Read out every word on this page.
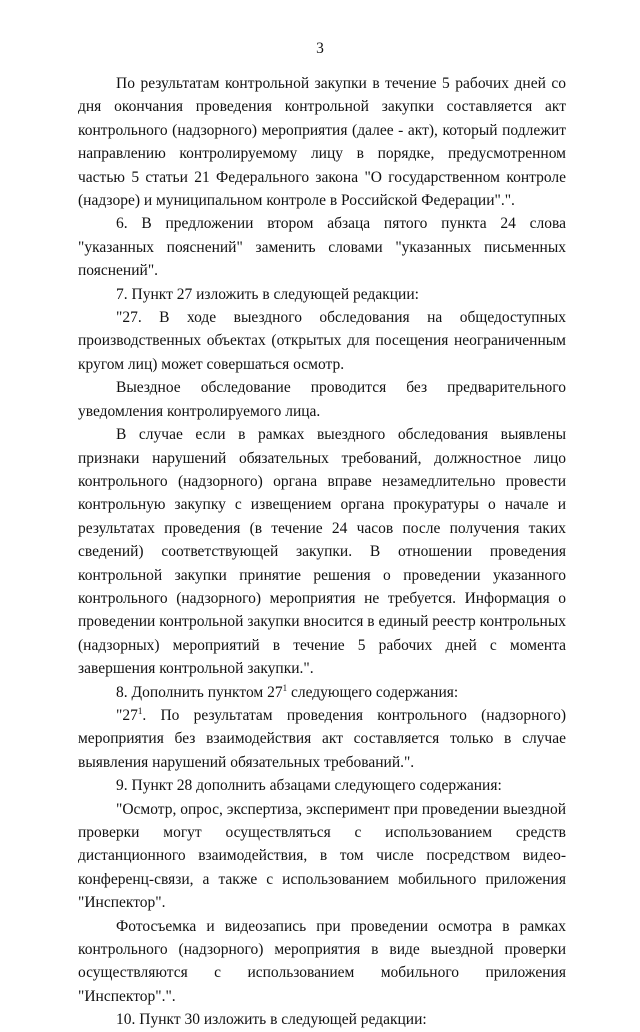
3

По результатам контрольной закупки в течение 5 рабочих дней со дня окончания проведения контрольной закупки составляется акт контрольного (надзорного) мероприятия (далее - акт), который подлежит направлению контролируемому лицу в порядке, предусмотренном частью 5 статьи 21 Федерального закона "О государственном контроле (надзоре) и муниципальном контроле в Российской Федерации".".

6. В предложении втором абзаца пятого пункта 24 слова "указанных пояснений" заменить словами "указанных письменных пояснений".

7. Пункт 27 изложить в следующей редакции:

"27. В ходе выездного обследования на общедоступных производственных объектах (открытых для посещения неограниченным кругом лиц) может совершаться осмотр.

Выездное обследование проводится без предварительного уведомления контролируемого лица.

В случае если в рамках выездного обследования выявлены признаки нарушений обязательных требований, должностное лицо контрольного (надзорного) органа вправе незамедлительно провести контрольную закупку с извещением органа прокуратуры о начале и результатах проведения (в течение 24 часов после получения таких сведений) соответствующей закупки. В отношении проведения контрольной закупки принятие решения о проведении указанного контрольного (надзорного) мероприятия не требуется. Информация о проведении контрольной закупки вносится в единый реестр контрольных (надзорных) мероприятий в течение 5 рабочих дней с момента завершения контрольной закупки.".

8. Дополнить пунктом $27^1$ следующего содержания:

"$27^1$. По результатам проведения контрольного (надзорного) мероприятия без взаимодействия акт составляется только в случае выявления нарушений обязательных требований.".

9. Пункт 28 дополнить абзацами следующего содержания:

"Осмотр, опрос, экспертиза, эксперимент при проведении выездной проверки могут осуществляться с использованием средств дистанционного взаимодействия, в том числе посредством видео-конференц-связи, а также с использованием мобильного приложения "Инспектор".

Фотосъемка и видеозапись при проведении осмотра в рамках контрольного (надзорного) мероприятия в виде выездной проверки осуществляются с использованием мобильного приложения "Инспектор".".

10. Пункт 30 изложить в следующей редакции:
